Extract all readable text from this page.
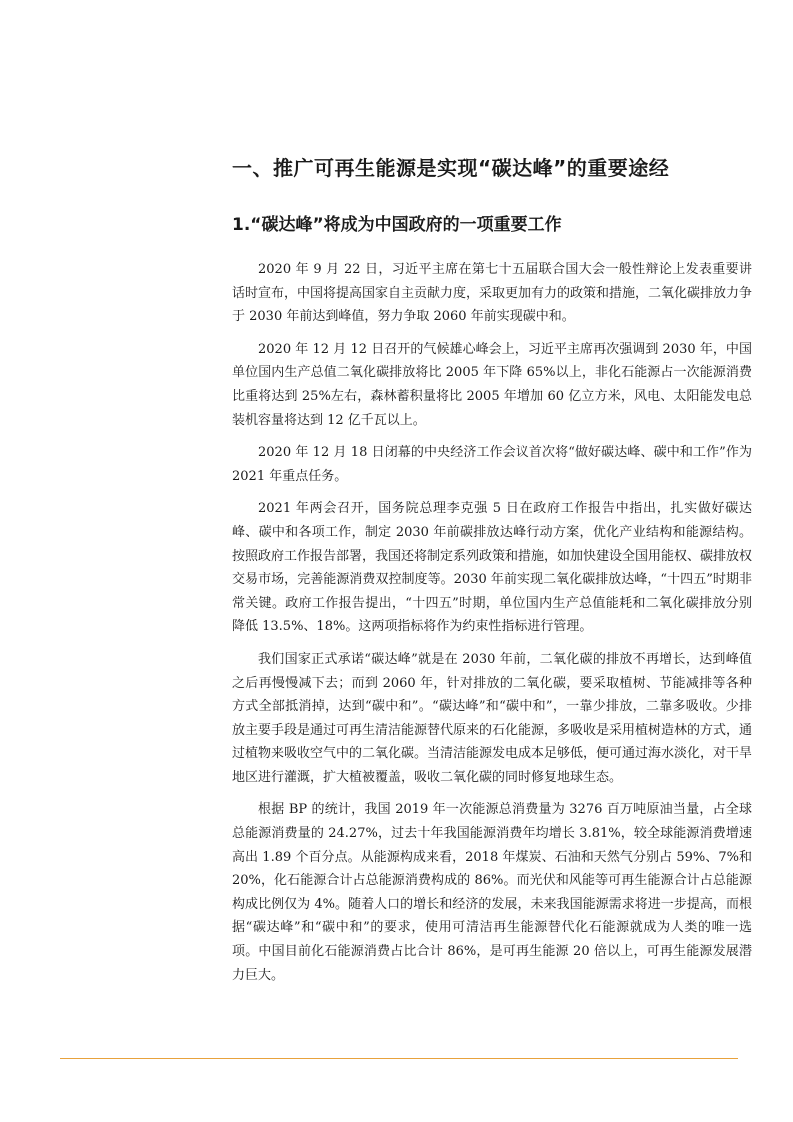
一、推广可再生能源是实现“碳达峰”的重要途经
1.“碳达峰”将成为中国政府的一项重要工作

2020 年 9 月 22 日，习近平主席在第七十五届联合国大会一般性辩论上发表重要讲话时宣布，中国将提高国家自主贡献力度，采取更加有力的政策和措施，二氧化碳排放力争于 2030 年前达到峰值，努力争取 2060 年前实现碳中和。

2020 年 12 月 12 日召开的气候雄心峰会上，习近平主席再次强调到 2030 年，中国单位国内生产总值二氧化碳排放将比 2005 年下降 65%以上，非化石能源占一次能源消费比重将达到 25%左右，森林蓄积量将比 2005 年增加 60 亿立方米，风电、太阳能发电总装机容量将达到 12 亿千瓦以上。

2020 年 12 月 18 日闭幕的中央经济工作会议首次将“做好碳达峰、碳中和工作”作为 2021 年重点任务。

2021 年两会召开，国务院总理李克强 5 日在政府工作报告中指出，扎实做好碳达峰、碳中和各项工作，制定 2030 年前碳排放达峰行动方案，优化产业结构和能源结构。按照政府工作报告部署，我国还将制定系列政策和措施，如加快建设全国用能权、碳排放权交易市场，完善能源消费双控制度等。2030 年前实现二氧化碳排放达峰，“十四五”时期非常关键。政府工作报告提出，“十四五”时期，单位国内生产总值能耗和二氧化碳排放分别降低 13.5%、18%。这两项指标将作为约束性指标进行管理。

我们国家正式承诺“碳达峰”就是在 2030 年前，二氧化碳的排放不再增长，达到峰值之后再慢慢减下去；而到 2060 年，针对排放的二氧化碳，要采取植树、节能减排等各种方式全部抵消掉，达到“碳中和”。“碳达峰”和“碳中和”，一靠少排放，二靠多吸收。少排放主要手段是通过可再生清洁能源替代原来的石化能源，多吸收是采用植树造林的方式，通过植物来吸收空气中的二氧化碳。当清洁能源发电成本足够低，便可通过海水淡化，对干旱地区进行灌溉，扩大植被覆盖，吸收二氧化碳的同时修复地球生态。

根据 BP 的统计，我国 2019 年一次能源总消费量为 3276 百万吨原油当量，占全球总能源消费量的 24.27%，过去十年我国能源消费年均增长 3.81%，较全球能源消费增速高出 1.89 个百分点。从能源构成来看，2018 年煤炭、石油和天然气分别占 59%、7%和 20%，化石能源合计占总能源消费构成的 86%。而光伏和风能等可再生能源合计占总能源构成比例仅为 4%。随着人口的增长和经济的发展，未来我国能源需求将进一步提高，而根据“碳达峰”和“碳中和”的要求，使用可清洁再生能源替代化石能源就成为人类的唯一选项。中国目前化石能源消费占比合计 86%，是可再生能源 20 倍以上，可再生能源发展潜力巨大。
